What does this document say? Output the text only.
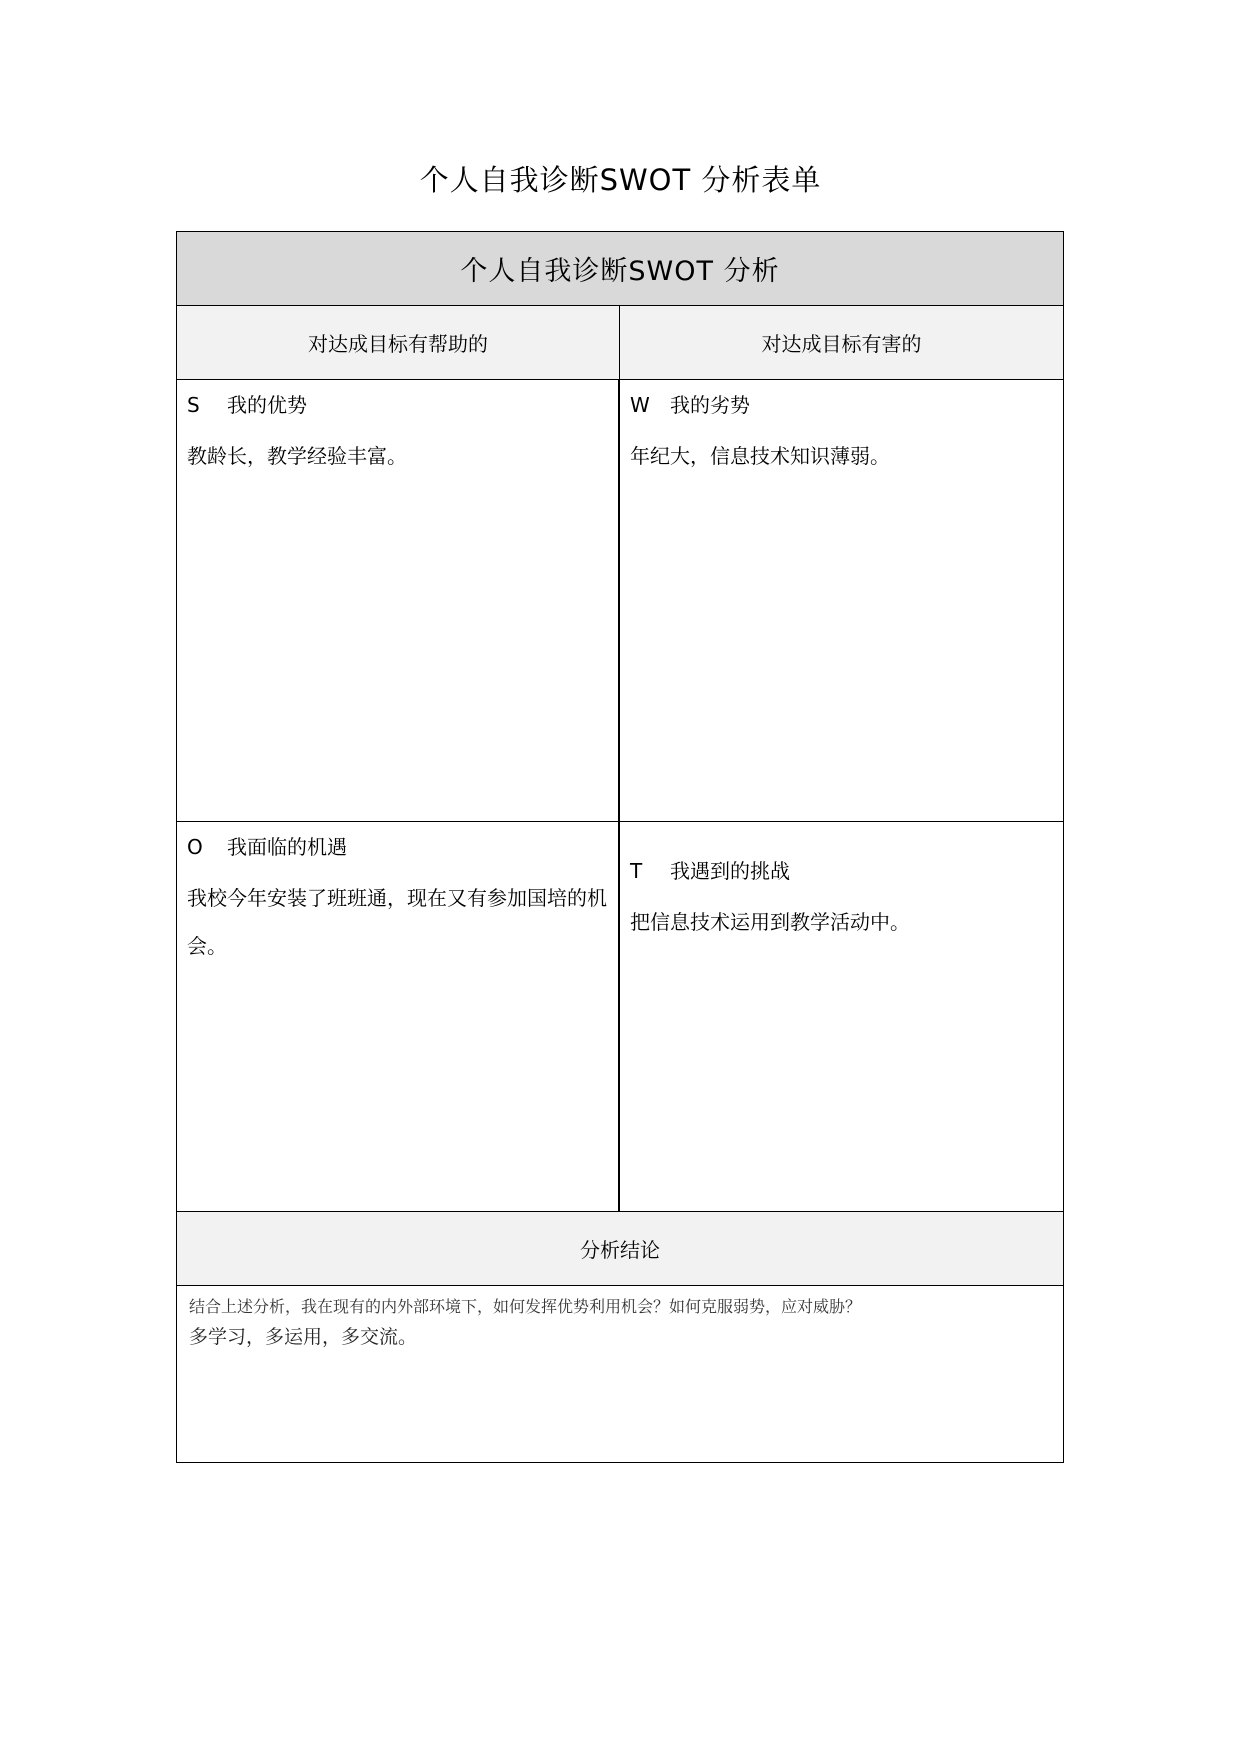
个人自我诊断SWOT 分析表单
个人自我诊断SWOT 分析
对达成目标有帮助的	对达成目标有害的
S 我的优势
教龄长，教学经验丰富。
W 我的劣势
年纪大，信息技术知识薄弱。
O 我面临的机遇
我校今年安装了班班通，现在又有参加国培的机会。
T 我遇到的挑战
把信息技术运用到教学活动中。
分析结论
结合上述分析，我在现有的内外部环境下，如何发挥优势利用机会？如何克服弱势，应对威胁？
多学习，多运用，多交流。
